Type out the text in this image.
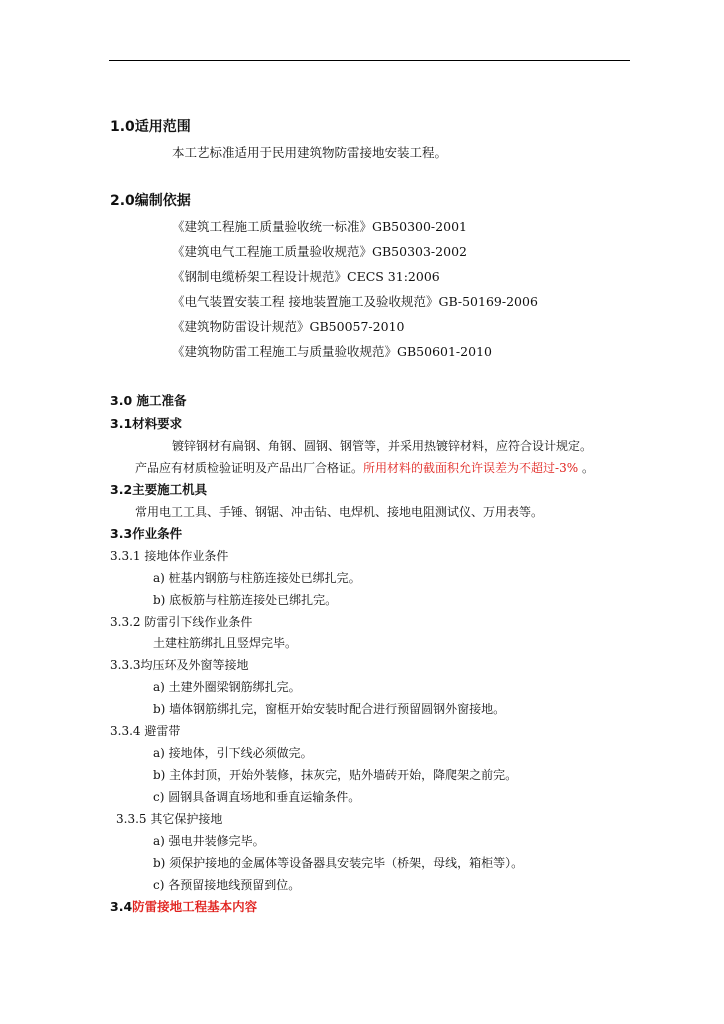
1.0适用范围
本工艺标准适用于民用建筑物防雷接地安装工程。
2.0编制依据
《建筑工程施工质量验收统一标准》GB50300-2001
《建筑电气工程施工质量验收规范》GB50303-2002
《钢制电缆桥架工程设计规范》CECS 31:2006
《电气装置安装工程 接地装置施工及验收规范》GB-50169-2006
《建筑物防雷设计规范》GB50057-2010
《建筑物防雷工程施工与质量验收规范》GB50601-2010
3.0 施工准备
3.1材料要求
镀锌钢材有扁钢、角钢、圆钢、钢管等，并采用热镀锌材料，应符合设计规定。
产品应有材质检验证明及产品出厂合格证。所用材料的截面积允许误差为不超过-3% 。
3.2主要施工机具
常用电工工具、手锤、钢锯、冲击钻、电焊机、接地电阻测试仪、万用表等。
3.3作业条件
3.3.1 接地体作业条件
a) 桩基内钢筋与柱筋连接处已绑扎完。
b) 底板筋与柱筋连接处已绑扎完。
3.3.2 防雷引下线作业条件
土建柱筋绑扎且竖焊完毕。
3.3.3均压环及外窗等接地
a) 土建外圈梁钢筋绑扎完。
b) 墙体钢筋绑扎完，窗框开始安装时配合进行预留圆钢外窗接地。
3.3.4 避雷带
a) 接地体，引下线必须做完。
b) 主体封顶，开始外装修，抹灰完，贴外墙砖开始，降爬架之前完。
c) 圆钢具备调直场地和垂直运输条件。
3.3.5 其它保护接地
a) 强电井装修完毕。
b) 须保护接地的金属体等设备器具安装完毕（桥架，母线，箱柜等）。
c) 各预留接地线预留到位。
3.4防雷接地工程基本内容
